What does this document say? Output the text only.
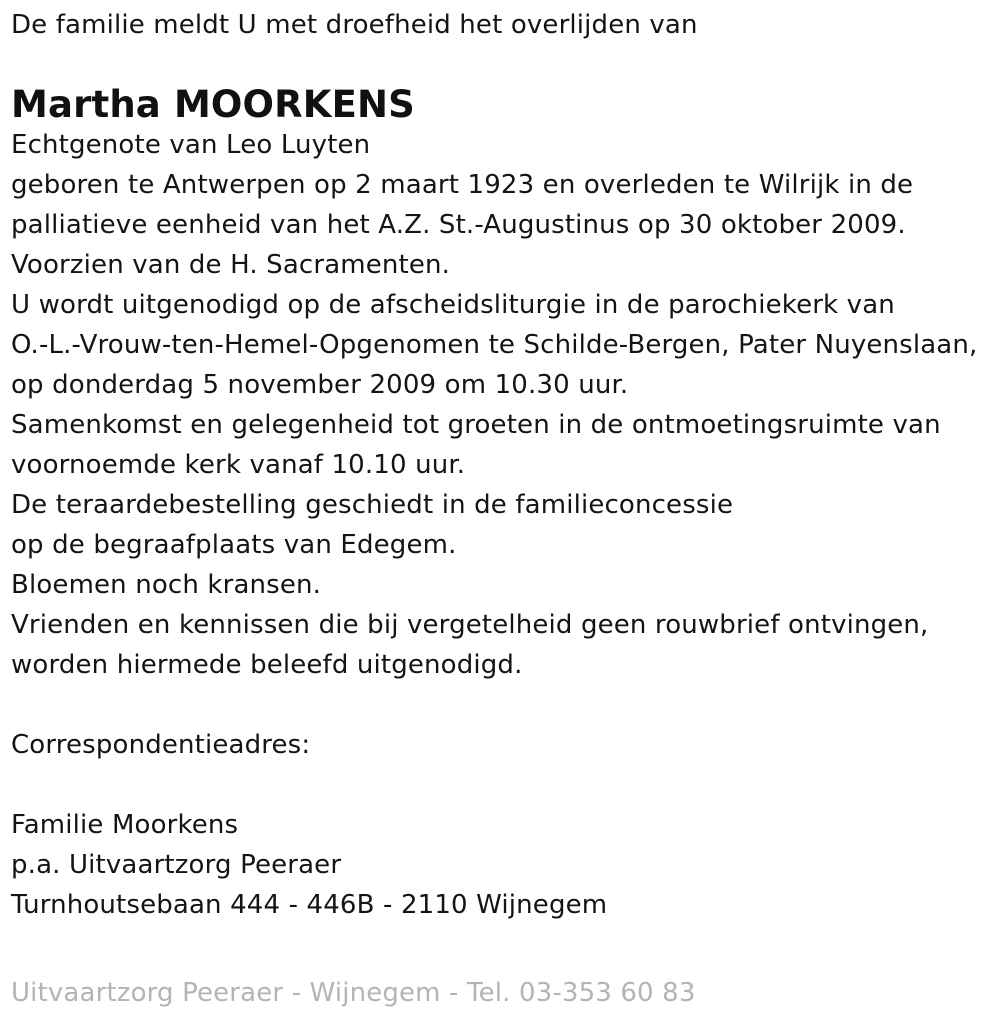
De familie meldt U met droefheid het overlijden van
Martha MOORKENS
Echtgenote van Leo Luyten
geboren te Antwerpen op 2 maart 1923 en overleden te Wilrijk in de
palliatieve eenheid van het A.Z. St.-Augustinus op 30 oktober 2009.
Voorzien van de H. Sacramenten.
U wordt uitgenodigd op de afscheidsliturgie in de parochiekerk van
O.-L.-Vrouw-ten-Hemel-Opgenomen te Schilde-Bergen, Pater Nuyenslaan,
op donderdag 5 november 2009 om 10.30 uur.
Samenkomst en gelegenheid tot groeten in de ontmoetingsruimte van
voornoemde kerk vanaf 10.10 uur.
De teraardebestelling geschiedt in de familieconcessie
op de begraafplaats van Edegem.
Bloemen noch kransen.
Vrienden en kennissen die bij vergetelheid geen rouwbrief ontvingen,
worden hiermede beleefd uitgenodigd.
Correspondentieadres:
Familie Moorkens
p.a. Uitvaartzorg Peeraer
Turnhoutsebaan 444 - 446B - 2110 Wijnegem
Uitvaartzorg Peeraer - Wijnegem - Tel. 03-353 60 83
